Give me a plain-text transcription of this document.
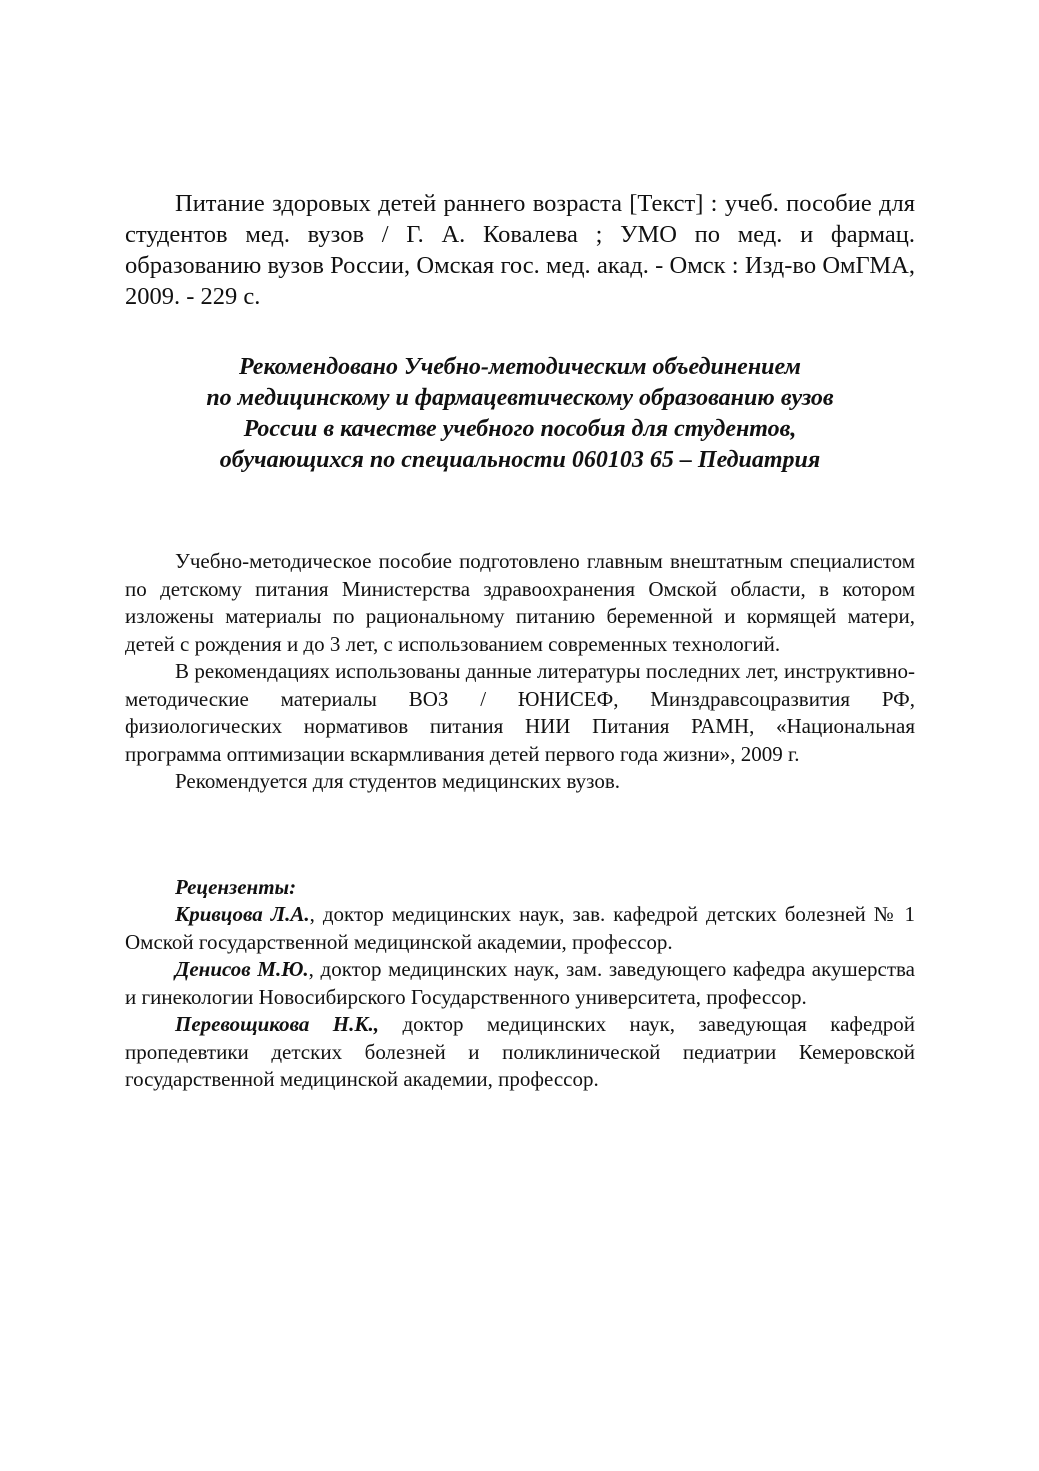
Питание здоровых детей раннего возраста [Текст] : учеб. пособие для студентов мед. вузов / Г. А. Ковалева ; УМО по мед. и фармац. образованию вузов России, Омская гос. мед. акад. - Омск : Изд-во ОмГМА, 2009. - 229 с.

Рекомендовано Учебно-методическим объединением
по медицинскому и фармацевтическому образованию вузов
России в качестве учебного пособия для студентов,
обучающихся по специальности 060103 65 – Педиатрия

Учебно-методическое пособие подготовлено главным внештатным специалистом по детскому питания Министерства здравоохранения Омской области, в котором изложены материалы по рациональному питанию беременной и кормящей матери, детей с рождения и до 3 лет, с использованием современных технологий.

В рекомендациях использованы данные литературы последних лет, инструктивно-методические материалы ВОЗ / ЮНИСЕФ, Минздравсоцразвития РФ, физиологических нормативов питания НИИ Питания РАМН, «Национальная программа оптимизации вскармливания детей первого года жизни», 2009 г.

Рекомендуется для студентов медицинских вузов.

Рецензенты:

Кривцова Л.А., доктор медицинских наук, зав. кафедрой детских болезней № 1 Омской государственной медицинской академии, профессор.

Денисов М.Ю., доктор медицинских наук, зам. заведующего кафедра акушерства и гинекологии Новосибирского Государственного университета, профессор.

Перевощикова Н.К., доктор медицинских наук, заведующая кафедрой пропедевтики детских болезней и поликлинической педиатрии Кемеровской государственной медицинской академии, профессор.
